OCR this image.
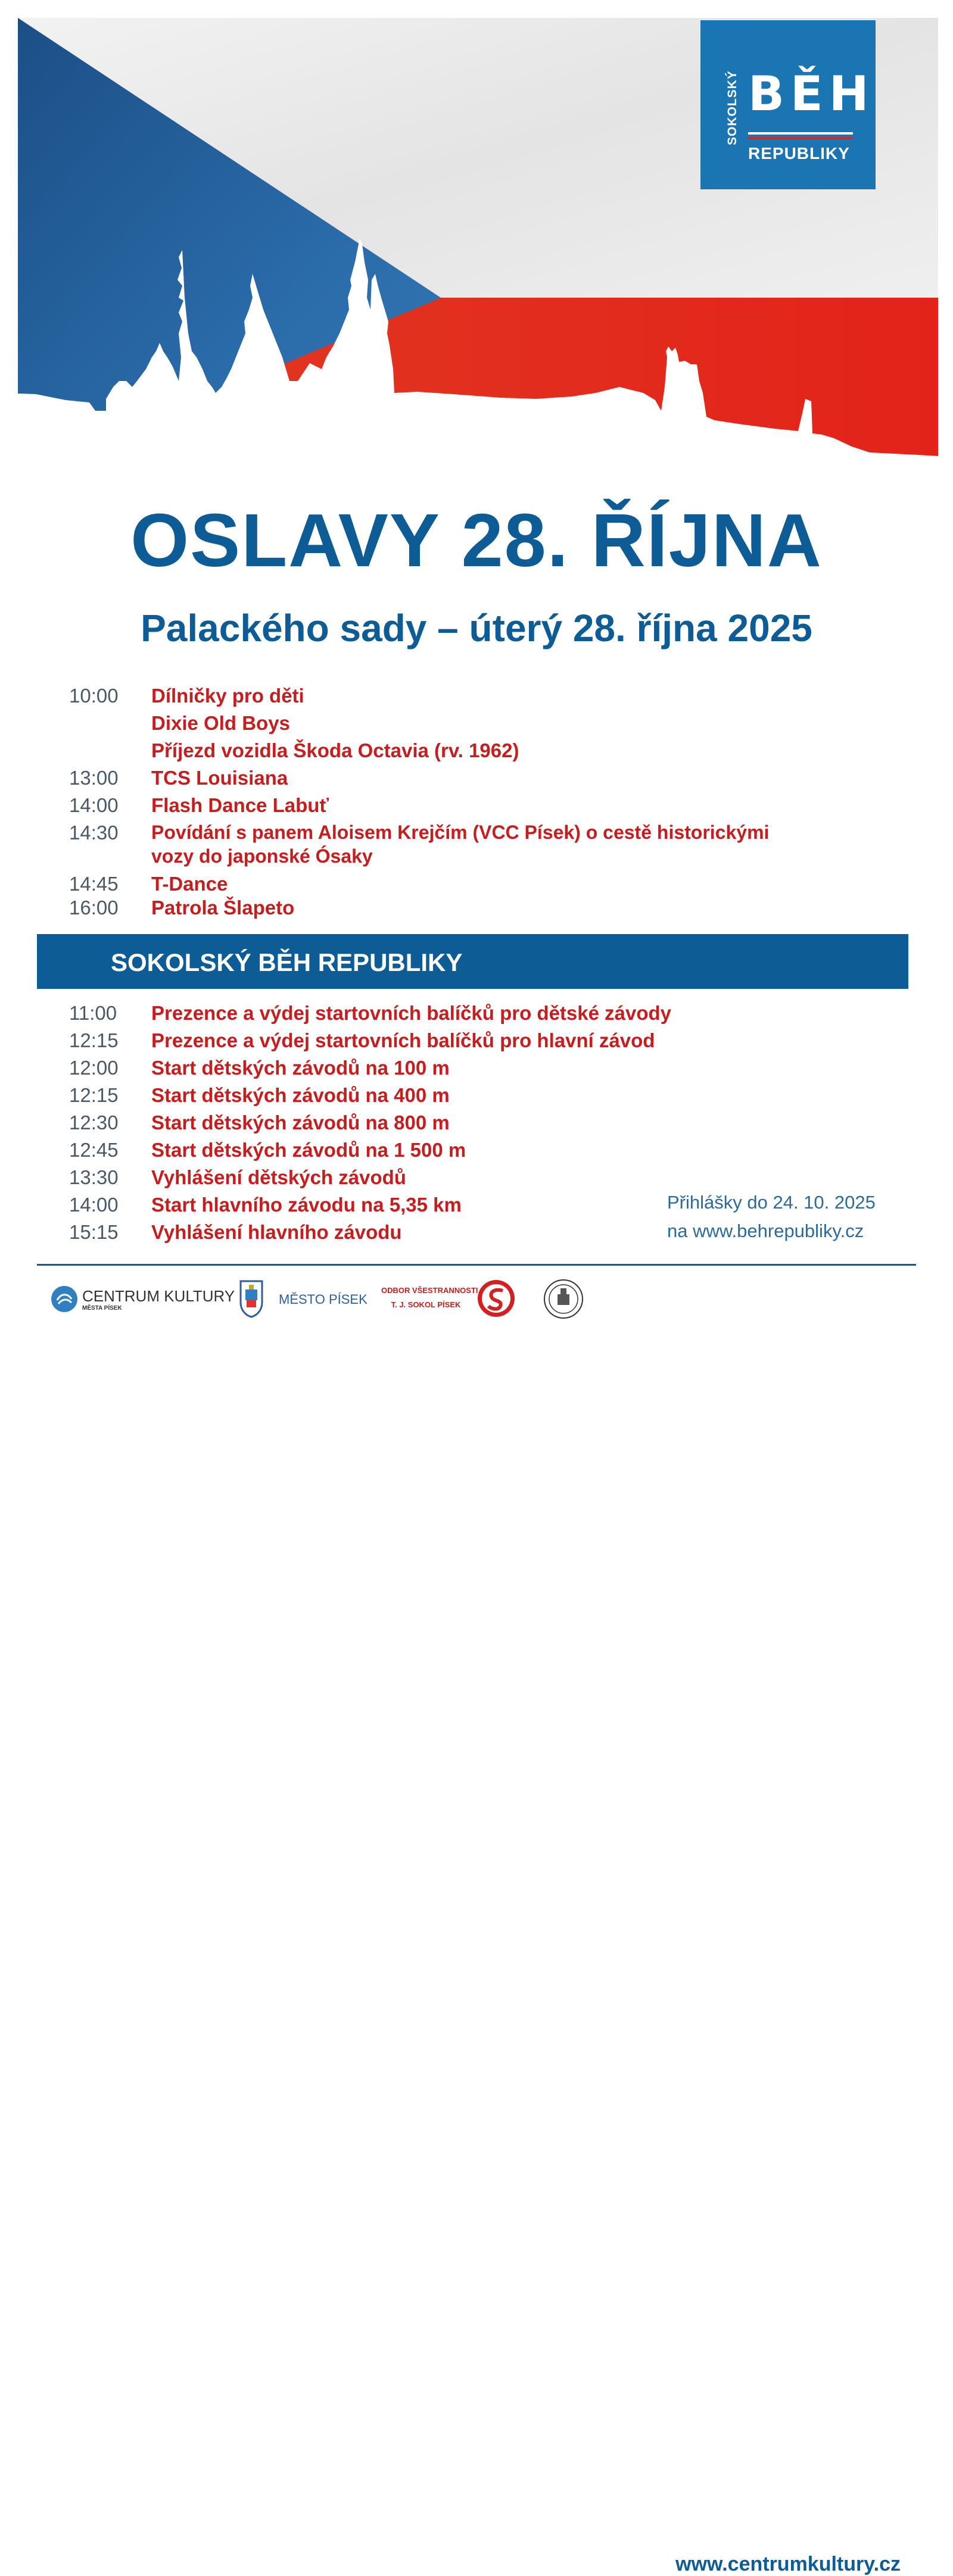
SOKOLSKÝ BĚH
REPUBLIKY
OSLAVY 28. ŘÍJNA
Palackého sady – úterý 28. října 2025
10:00 Dílničky pro děti
Dixie Old Boys
Příjezd vozidla Škoda Octavia (rv. 1962)
13:00 TCS Louisiana
14:00 Flash Dance Labuť
14:30 Povídání s panem Aloisem Krejčím (VCC Písek) o cestě historickými
vozy do japonské Ósaky
14:45 T-Dance
16:00 Patrola Šlapeto
SOKOLSKÝ BĚH REPUBLIKY
11:00 Prezence a výdej startovních balíčků pro dětské závody
12:15 Prezence a výdej startovních balíčků pro hlavní závod
12:00 Start dětských závodů na 100 m
12:15 Start dětských závodů na 400 m
12:30 Start dětských závodů na 800 m
12:45 Start dětských závodů na 1 500 m
13:30 Vyhlášení dětských závodů
14:00 Start hlavního závodu na 5,35 km
15:15 Vyhlášení hlavního závodu
Přihlášky do 24. 10. 2025
na www.behrepubliky.cz
CENTRUM KULTURY
MĚSTA PÍSEK
MĚSTO PÍSEK
ODBOR VŠESTRANNOSTI
T. J. SOKOL PÍSEK
www.centrumkultury.cz
